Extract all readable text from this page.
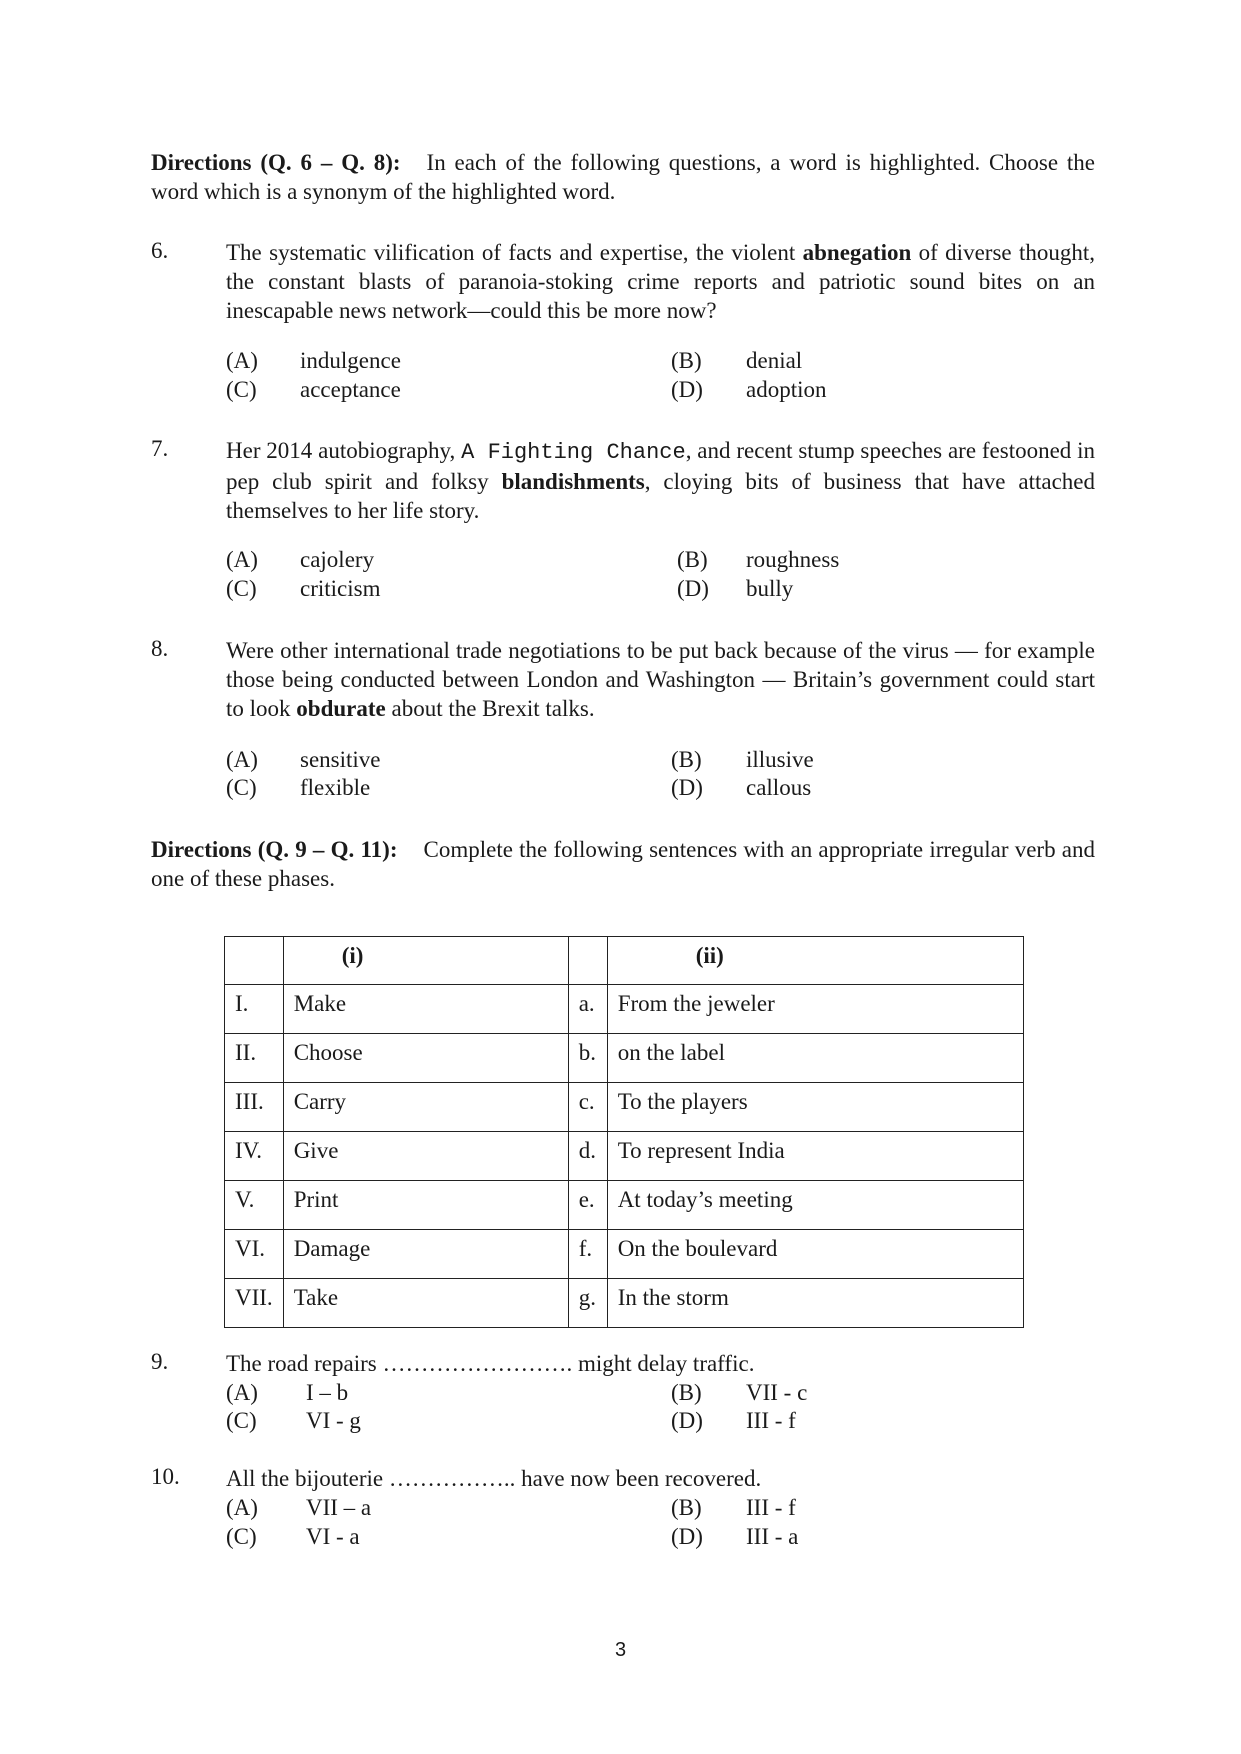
Directions (Q. 6 – Q. 8): In each of the following questions, a word is highlighted. Choose the word which is a synonym of the highlighted word.
6.	The systematic vilification of facts and expertise, the violent abnegation of diverse thought, the constant blasts of paranoia-stoking crime reports and patriotic sound bites on an inescapable news network—could this be more now?
(A) indulgence	(B) denial
(C) acceptance	(D) adoption
7.	Her 2014 autobiography, A Fighting Chance, and recent stump speeches are festooned in pep club spirit and folksy blandishments, cloying bits of business that have attached themselves to her life story.
(A) cajolery	(B) roughness
(C) criticism	(D) bully
8.	Were other international trade negotiations to be put back because of the virus — for example those being conducted between London and Washington — Britain’s government could start to look obdurate about the Brexit talks.
(A) sensitive	(B) illusive
(C) flexible	(D) callous
Directions (Q. 9 – Q. 11): Complete the following sentences with an appropriate irregular verb and one of these phases.
	(i)		(ii)
I.	Make	a.	From the jeweler
II.	Choose	b.	on the label
III.	Carry	c.	To the players
IV.	Give	d.	To represent India
V.	Print	e.	At today’s meeting
VI.	Damage	f.	On the boulevard
VII.	Take	g.	In the storm
9.	The road repairs ……………………. might delay traffic.
(A) I – b	(B) VII - c
(C) VI - g	(D) III - f
10. All the bijouterie …………….. have now been recovered.
(A) VII – a	(B) III - f
(C) VI - a	(D) III - a
3
